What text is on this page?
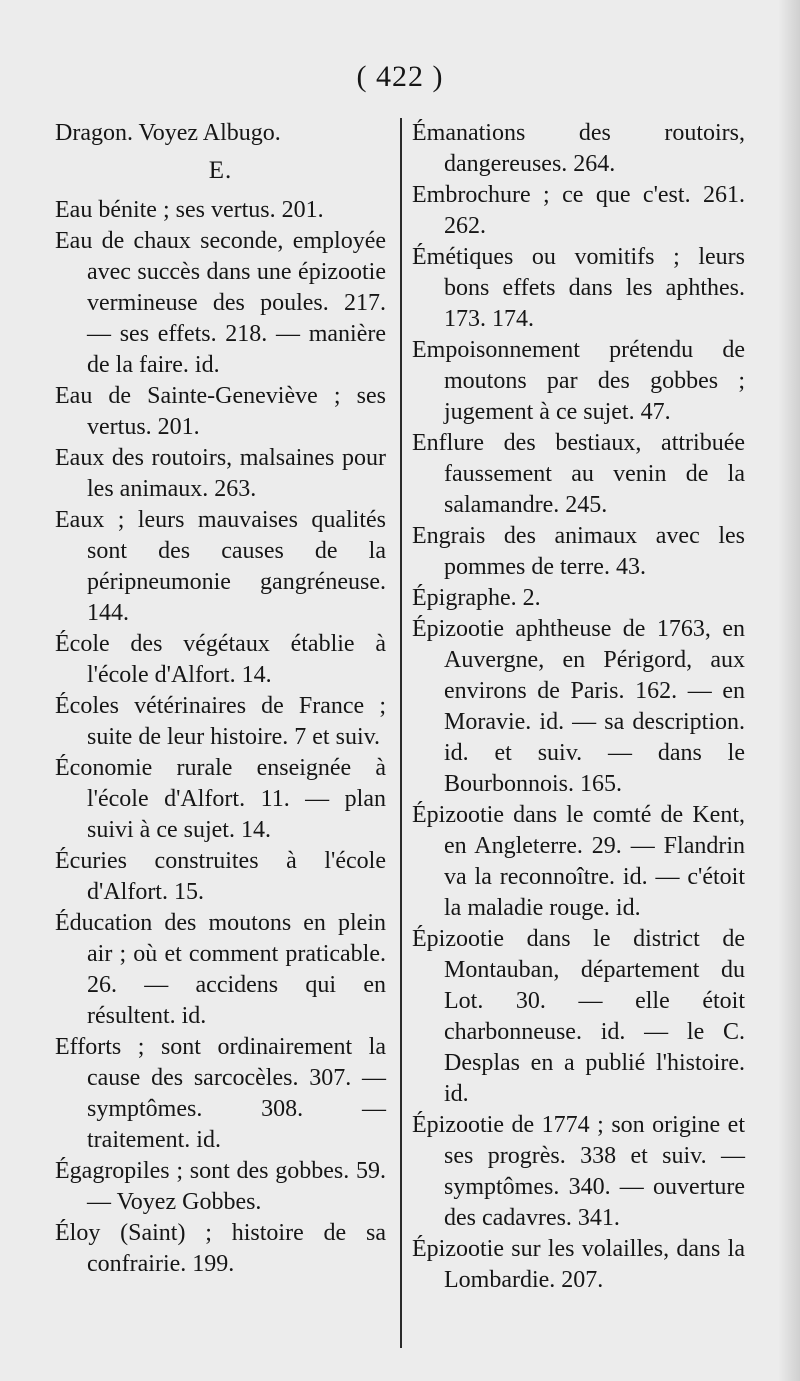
( 422 )

Dragon. Voyez Albugo.

E.

Eau bénite ; ses vertus. 201.

Eau de chaux seconde, employée avec succès dans une épizootie vermineuse des poules. 217. — ses effets. 218. — manière de la faire. id.

Eau de Sainte-Geneviève ; ses vertus. 201.

Eaux des routoirs, malsaines pour les animaux. 263.

Eaux ; leurs mauvaises qualités sont des causes de la péripneumonie gangréneuse. 144.

École des végétaux établie à l'école d'Alfort. 14.

Écoles vétérinaires de France ; suite de leur histoire. 7 et suiv.

Économie rurale enseignée à l'école d'Alfort. 11. — plan suivi à ce sujet. 14.

Écuries construites à l'école d'Alfort. 15.

Éducation des moutons en plein air ; où et comment praticable. 26. — accidens qui en résultent. id.

Efforts ; sont ordinairement la cause des sarcocèles. 307. — symptômes. 308. — traitement. id.

Égagropiles ; sont des gobbes. 59. — Voyez Gobbes.

Éloy (Saint) ; histoire de sa confrairie. 199.

Émanations des routoirs, dangereuses. 264.

Embrochure ; ce que c'est. 261. 262.

Émétiques ou vomitifs ; leurs bons effets dans les aphthes. 173. 174.

Empoisonnement prétendu de moutons par des gobbes ; jugement à ce sujet. 47.

Enflure des bestiaux, attribuée faussement au venin de la salamandre. 245.

Engrais des animaux avec les pommes de terre. 43.

Épigraphe. 2.

Épizootie aphtheuse de 1763, en Auvergne, en Périgord, aux environs de Paris. 162. — en Moravie. id. — sa description. id. et suiv. — dans le Bourbonnois. 165.

Épizootie dans le comté de Kent, en Angleterre. 29. — Flandrin va la reconnoître. id. — c'étoit la maladie rouge. id.

Épizootie dans le district de Montauban, département du Lot. 30. — elle étoit charbonneuse. id. — le C. Desplas en a publié l'histoire. id.

Épizootie de 1774 ; son origine et ses progrès. 338 et suiv. — symptômes. 340. — ouverture des cadavres. 341.

Épizootie sur les volailles, dans la Lombardie. 207.
